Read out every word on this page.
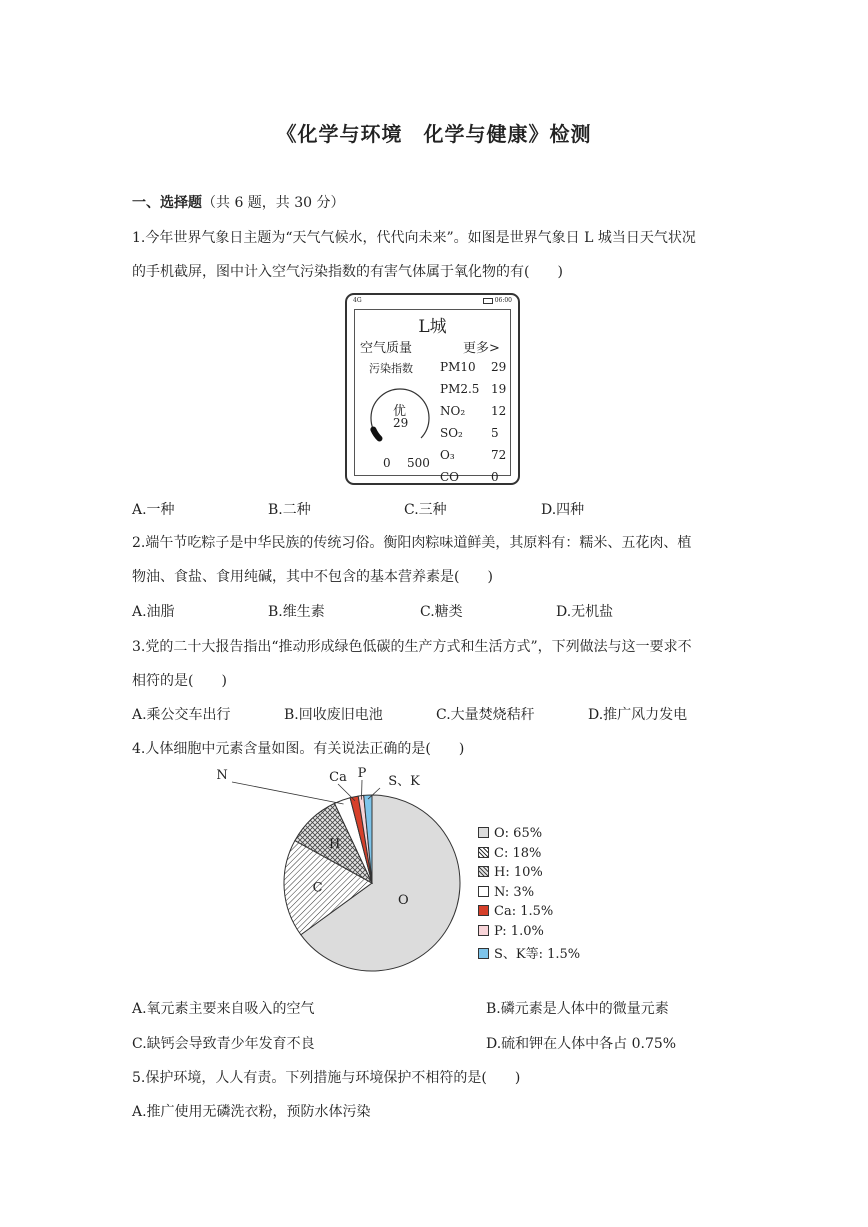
《化学与环境　化学与健康》检测
一、选择题（共 6 题，共 30 分）
1.今年世界气象日主题为“天气气候水，代代向未来”。如图是世界气象日 L 城当日天气状况
的手机截屏，图中计入空气污染指数的有害气体属于氧化物的有(　　)
4G	06:00
L城
空气质量	更多>
污染指数
优
29
0 500
PM10 29
PM2.5 19
NO₂ 12
SO₂ 5
O₃	72
CO	0
A.一种	B.二种	C.三种	D.四种
2.端午节吃粽子是中华民族的传统习俗。衡阳肉粽味道鲜美，其原料有：糯米、五花肉、植
物油、食盐、食用纯碱，其中不包含的基本营养素是(　　)
A.油脂	B.维生素	C.糖类	D.无机盐
3.党的二十大报告指出“推动形成绿色低碳的生产方式和生活方式”，下列做法与这一要求不
相符的是(　　)
A.乘公交车出行	B.回收废旧电池	C.大量焚烧秸秆	D.推广风力发电
4.人体细胞中元素含量如图。有关说法正确的是(　　)
O
C
H
N	Ca P
S、K
O: 65%
C: 18%
H: 10%
N: 3%
Ca: 1.5%
P: 1.0%
S、K等: 1.5%
A.氧元素主要来自吸入的空气	B.磷元素是人体中的微量元素
C.缺钙会导致青少年发育不良	D.硫和钾在人体中各占 0.75%
5.保护环境，人人有责。下列措施与环境保护不相符的是(　　)
A.推广使用无磷洗衣粉，预防水体污染
